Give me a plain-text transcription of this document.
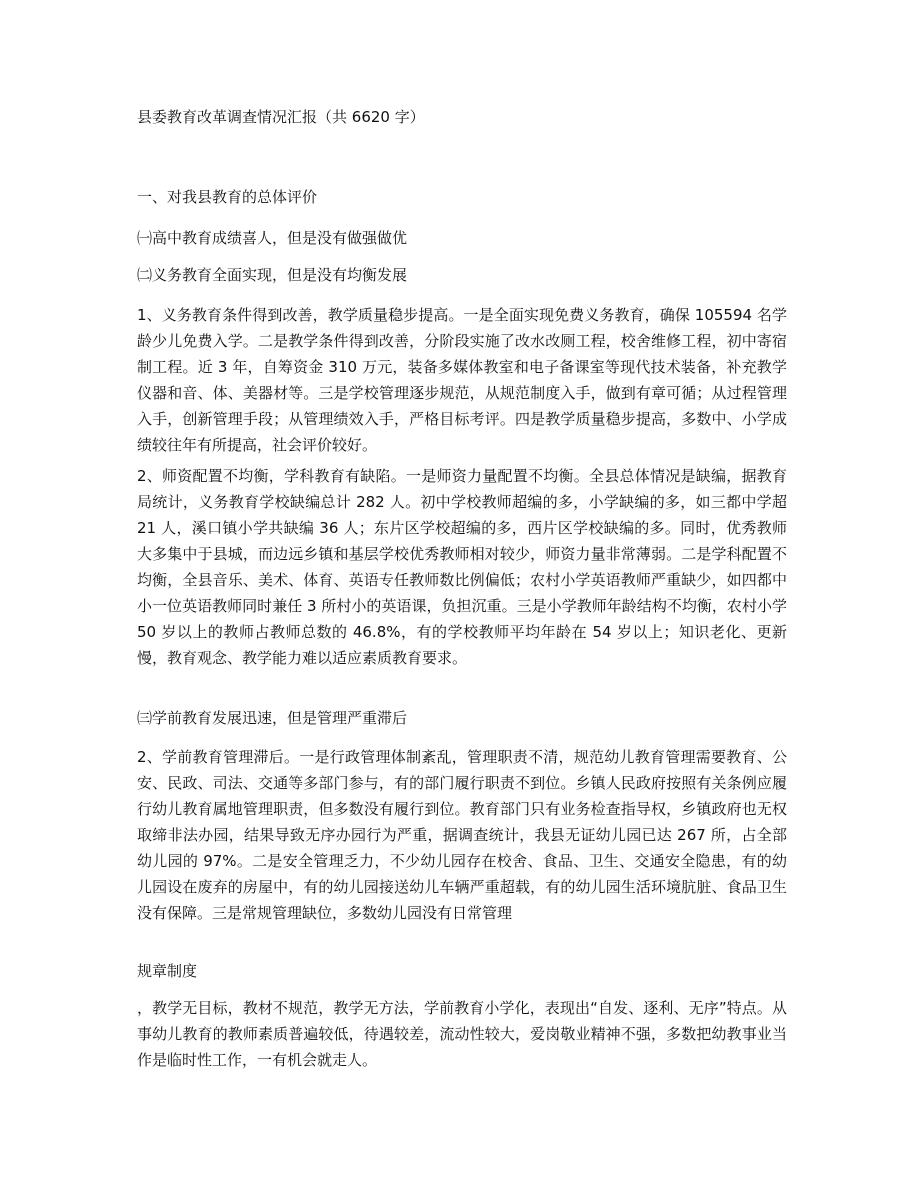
县委教育改革调查情况汇报（共 6620 字）
一、对我县教育的总体评价
㈠高中教育成绩喜人，但是没有做强做优
㈡义务教育全面实现，但是没有均衡发展
1、义务教育条件得到改善，教学质量稳步提高。一是全面实现免费义务教育，确保 105594 名学龄少儿免费入学。二是教学条件得到改善，分阶段实施了改水改厕工程，校舍维修工程，初中寄宿制工程。近 3 年，自筹资金 310 万元，装备多媒体教室和电子备课室等现代技术装备，补充教学仪器和音、体、美器材等。三是学校管理逐步规范，从规范制度入手，做到有章可循；从过程管理入手，创新管理手段；从管理绩效入手，严格目标考评。四是教学质量稳步提高，多数中、小学成绩较往年有所提高，社会评价较好。
2、师资配置不均衡，学科教育有缺陷。一是师资力量配置不均衡。全县总体情况是缺编，据教育局统计，义务教育学校缺编总计 282 人。初中学校教师超编的多，小学缺编的多，如三都中学超 21 人，溪口镇小学共缺编 36 人；东片区学校超编的多，西片区学校缺编的多。同时，优秀教师大多集中于县城，而边远乡镇和基层学校优秀教师相对较少，师资力量非常薄弱。二是学科配置不均衡，全县音乐、美术、体育、英语专任教师数比例偏低；农村小学英语教师严重缺少，如四都中小一位英语教师同时兼任 3 所村小的英语课，负担沉重。三是小学教师年龄结构不均衡，农村小学 50 岁以上的教师占教师总数的 46.8%，有的学校教师平均年龄在 54 岁以上；知识老化、更新慢，教育观念、教学能力难以适应素质教育要求。
㈢学前教育发展迅速，但是管理严重滞后
2、学前教育管理滞后。一是行政管理体制紊乱，管理职责不清，规范幼儿教育管理需要教育、公安、民政、司法、交通等多部门参与，有的部门履行职责不到位。乡镇人民政府按照有关条例应履行幼儿教育属地管理职责，但多数没有履行到位。教育部门只有业务检查指导权，乡镇政府也无权取缔非法办园，结果导致无序办园行为严重，据调查统计，我县无证幼儿园已达 267 所，占全部幼儿园的 97%。二是安全管理乏力，不少幼儿园存在校舍、食品、卫生、交通安全隐患，有的幼儿园设在废弃的房屋中，有的幼儿园接送幼儿车辆严重超载，有的幼儿园生活环境肮脏、食品卫生没有保障。三是常规管理缺位，多数幼儿园没有日常管理
规章制度
，教学无目标，教材不规范，教学无方法，学前教育小学化，表现出“自发、逐利、无序”特点。从事幼儿教育的教师素质普遍较低，待遇较差，流动性较大，爱岗敬业精神不强，多数把幼教事业当作是临时性工作，一有机会就走人。
